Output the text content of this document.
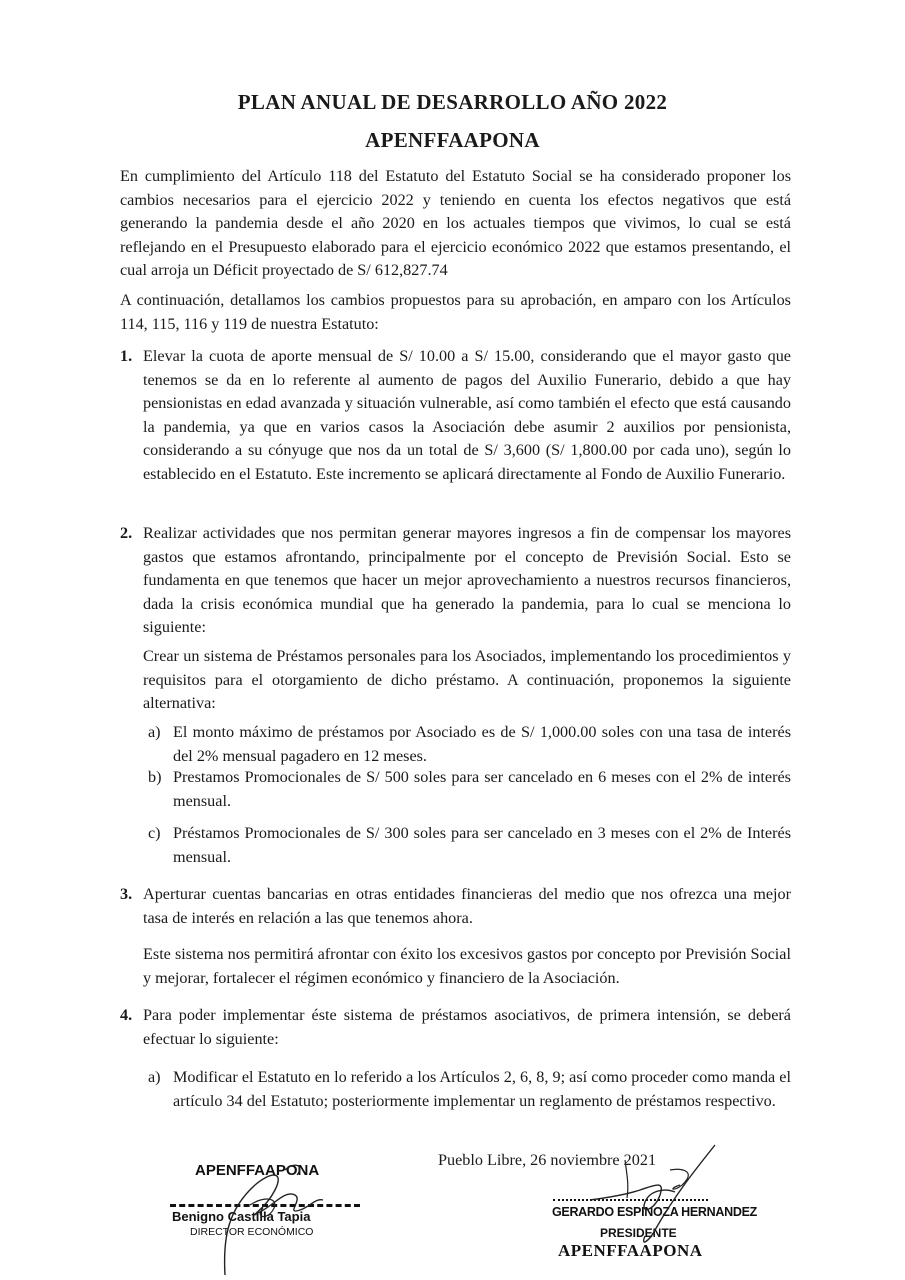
PLAN ANUAL DE DESARROLLO AÑO 2022
APENFFAAPONA

En cumplimiento del Artículo 118 del Estatuto del Estatuto Social se ha considerado proponer los cambios necesarios para el ejercicio 2022 y teniendo en cuenta los efectos negativos que está generando la pandemia desde el año 2020 en los actuales tiempos que vivimos, lo cual se está reflejando en el Presupuesto elaborado para el ejercicio económico 2022 que estamos presentando, el cual arroja un Déficit proyectado de S/ 612,827.74

A continuación, detallamos los cambios propuestos para su aprobación, en amparo con los Artículos 114, 115, 116 y 119 de nuestra Estatuto:

1. Elevar la cuota de aporte mensual de S/ 10.00 a S/ 15.00, considerando que el mayor gasto que tenemos se da en lo referente al aumento de pagos del Auxilio Funerario, debido a que hay pensionistas en edad avanzada y situación vulnerable, así como también el efecto que está causando la pandemia, ya que en varios casos la Asociación debe asumir 2 auxilios por pensionista, considerando a su cónyuge que nos da un total de S/ 3,600 (S/ 1,800.00 por cada uno), según lo establecido en el Estatuto. Este incremento se aplicará directamente al Fondo de Auxilio Funerario.

2. Realizar actividades que nos permitan generar mayores ingresos a fin de compensar los mayores gastos que estamos afrontando, principalmente por el concepto de Previsión Social. Esto se fundamenta en que tenemos que hacer un mejor aprovechamiento a nuestros recursos financieros, dada la crisis económica mundial que ha generado la pandemia, para lo cual se menciona lo siguiente:

Crear un sistema de Préstamos personales para los Asociados, implementando los procedimientos y requisitos para el otorgamiento de dicho préstamo. A continuación, proponemos la siguiente alternativa:

a) El monto máximo de préstamos por Asociado es de S/ 1,000.00 soles con una tasa de interés del 2% mensual pagadero en 12 meses.

b) Prestamos Promocionales de S/ 500 soles para ser cancelado en 6 meses con el 2% de interés mensual.

c) Préstamos Promocionales de S/ 300 soles para ser cancelado en 3 meses con el 2% de Interés mensual.

3. Aperturar cuentas bancarias en otras entidades financieras del medio que nos ofrezca una mejor tasa de interés en relación a las que tenemos ahora.

Este sistema nos permitirá afrontar con éxito los excesivos gastos por concepto por Previsión Social y mejorar, fortalecer el régimen económico y financiero de la Asociación.

4. Para poder implementar éste sistema de préstamos asociativos, de primera intensión, se deberá efectuar lo siguiente:

a) Modificar el Estatuto en lo referido a los Artículos 2, 6, 8, 9; así como proceder como manda el artículo 34 del Estatuto; posteriormente implementar un reglamento de préstamos respectivo.

Pueblo Libre, 26 noviembre 2021
APENFFAAPONA
Benigno Castilla Tapia
DIRECTOR ECONÓMICO
GERARDO ESPINOZA HERNANDEZ
PRESIDENTE
APENFFAAPONA
